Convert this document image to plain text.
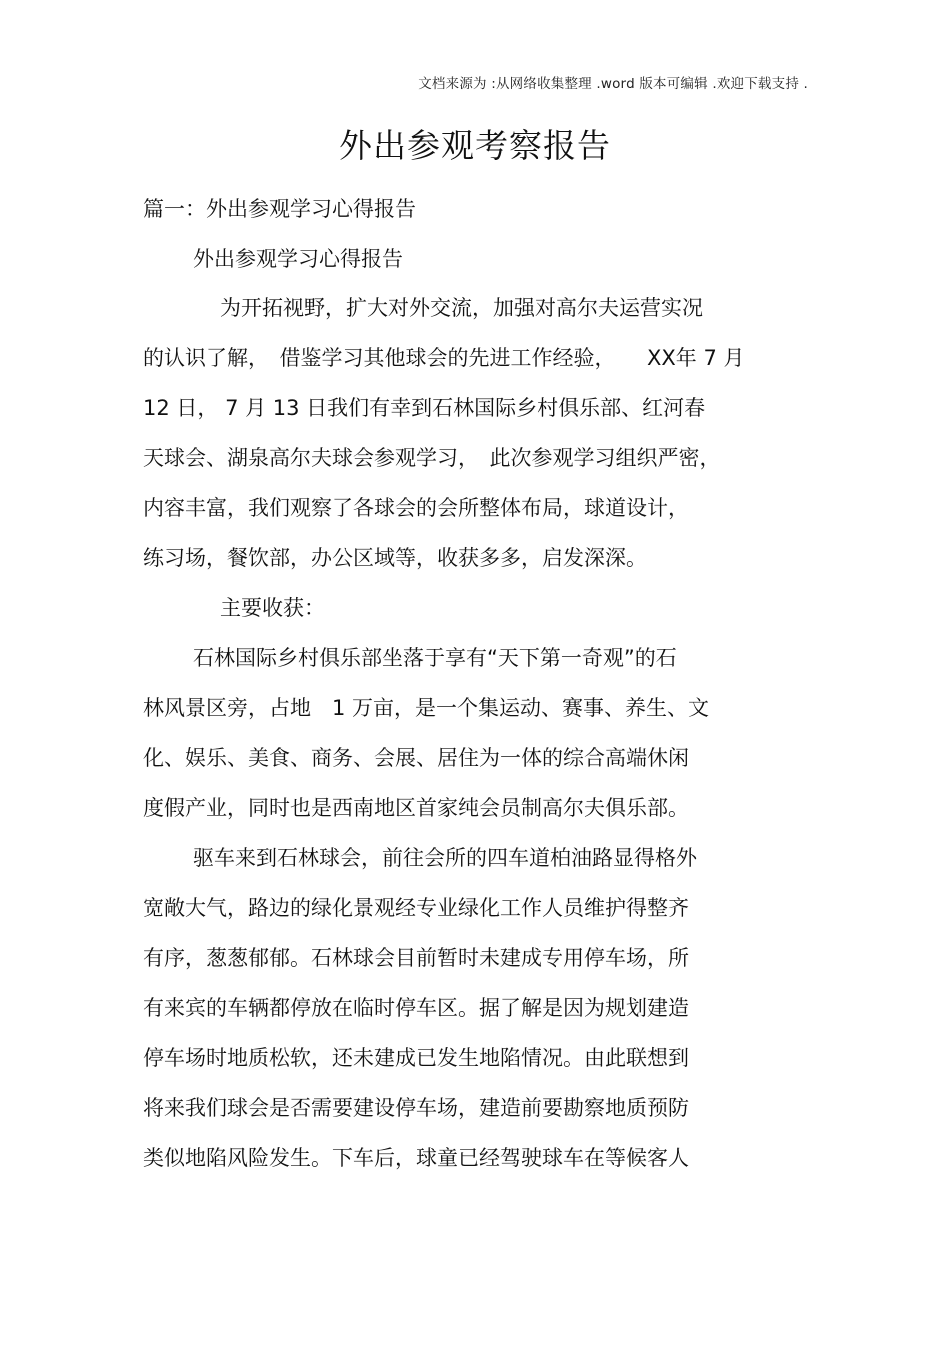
文档来源为 :从网络收集整理 .word 版本可编辑 .欢迎下载支持 .
外出参观考察报告
篇一：外出参观学习心得报告
外出参观学习心得报告
为开拓视野，扩大对外交流，加强对高尔夫运营实况
的认识了解，　借鉴学习其他球会的先进工作经验，　　XX年 7 月
12 日， 7 月 13 日我们有幸到石林国际乡村俱乐部、红河春
天球会、湖泉高尔夫球会参观学习，　此次参观学习组织严密，
内容丰富，我们观察了各球会的会所整体布局，球道设计，
练习场，餐饮部，办公区域等，收获多多，启发深深。
主要收获：
石林国际乡村俱乐部坐落于享有“天下第一奇观”的石
林风景区旁，占地　1 万亩，是一个集运动、赛事、养生、文
化、娱乐、美食、商务、会展、居住为一体的综合高端休闲
度假产业，同时也是西南地区首家纯会员制高尔夫俱乐部。
驱车来到石林球会，前往会所的四车道柏油路显得格外
宽敞大气，路边的绿化景观经专业绿化工作人员维护得整齐
有序，葱葱郁郁。石林球会目前暂时未建成专用停车场，所
有来宾的车辆都停放在临时停车区。据了解是因为规划建造
停车场时地质松软，还未建成已发生地陷情况。由此联想到
将来我们球会是否需要建设停车场，建造前要勘察地质预防
类似地陷风险发生。下车后，球童已经驾驶球车在等候客人
